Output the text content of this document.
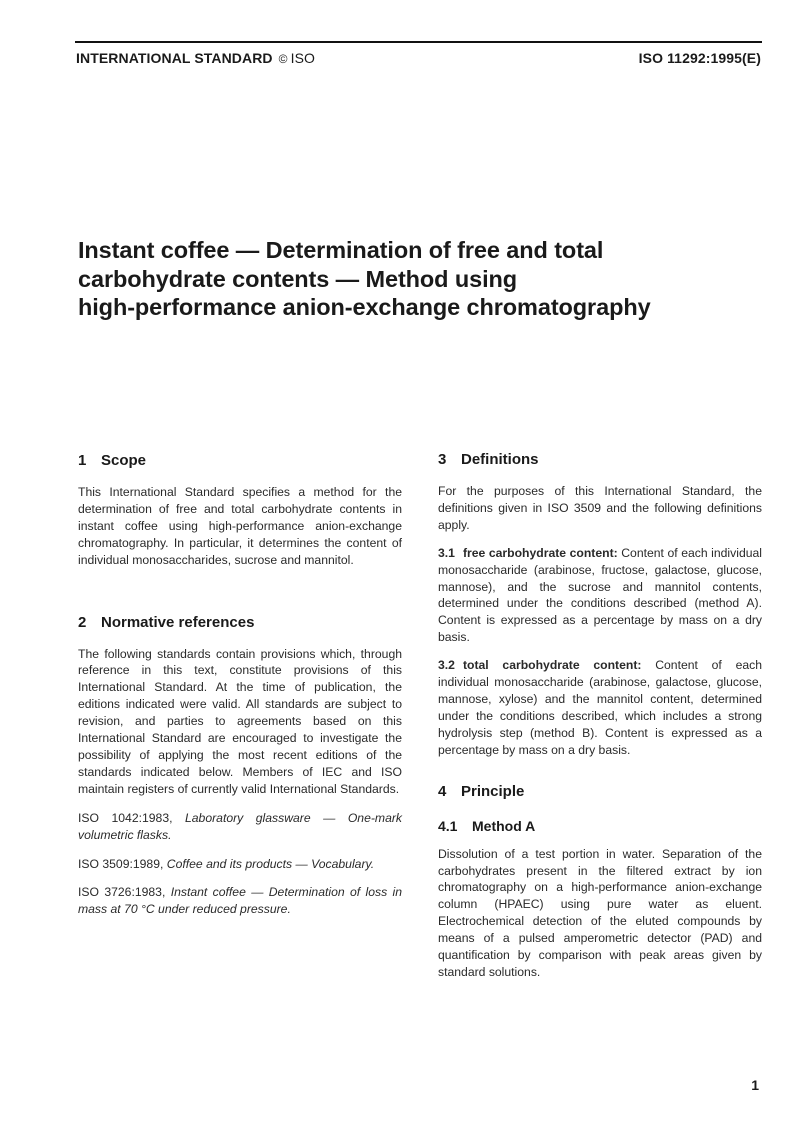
INTERNATIONAL STANDARD © ISO	ISO 11292:1995(E)
Instant coffee — Determination of free and total
carbohydrate contents — Method using
high-performance anion-exchange chromatography
1 Scope

This International Standard specifies a method for the determination of free and total carbohydrate contents in instant coffee using high-performance anion-exchange chromatography. In particular, it determines the content of individual monosaccharides, sucrose and mannitol.

2 Normative references

The following standards contain provisions which, through reference in this text, constitute provisions of this International Standard. At the time of publication, the editions indicated were valid. All standards are subject to revision, and parties to agreements based on this International Standard are encouraged to investigate the possibility of applying the most recent editions of the standards indicated below. Members of IEC and ISO maintain registers of currently valid International Standards.

ISO 1042:1983, Laboratory glassware — One-mark volumetric flasks.
ISO 3509:1989, Coffee and its products — Vocabulary.
ISO 3726:1983, Instant coffee — Determination of loss in mass at 70 °C under reduced pressure.
3 Definitions

For the purposes of this International Standard, the definitions given in ISO 3509 and the following definitions apply.

3.1 free carbohydrate content: Content of each individual monosaccharide (arabinose, fructose, galactose, glucose, mannose), and the sucrose and mannitol contents, determined under the conditions described (method A). Content is expressed as a percentage by mass on a dry basis.

3.2 total carbohydrate content: Content of each individual monosaccharide (arabinose, galactose, glucose, mannose, xylose) and the mannitol content, determined under the conditions described, which includes a strong hydrolysis step (method B). Content is expressed as a percentage by mass on a dry basis.

4 Principle
4.1	Method A

Dissolution of a test portion in water. Separation of the carbohydrates present in the filtered extract by ion chromatography on a high-performance anion-exchange column (HPAEC) using pure water as eluent. Electrochemical detection of the eluted compounds by means of a pulsed amperometric detector (PAD) and quantification by comparison with peak areas given by standard solutions.

1
